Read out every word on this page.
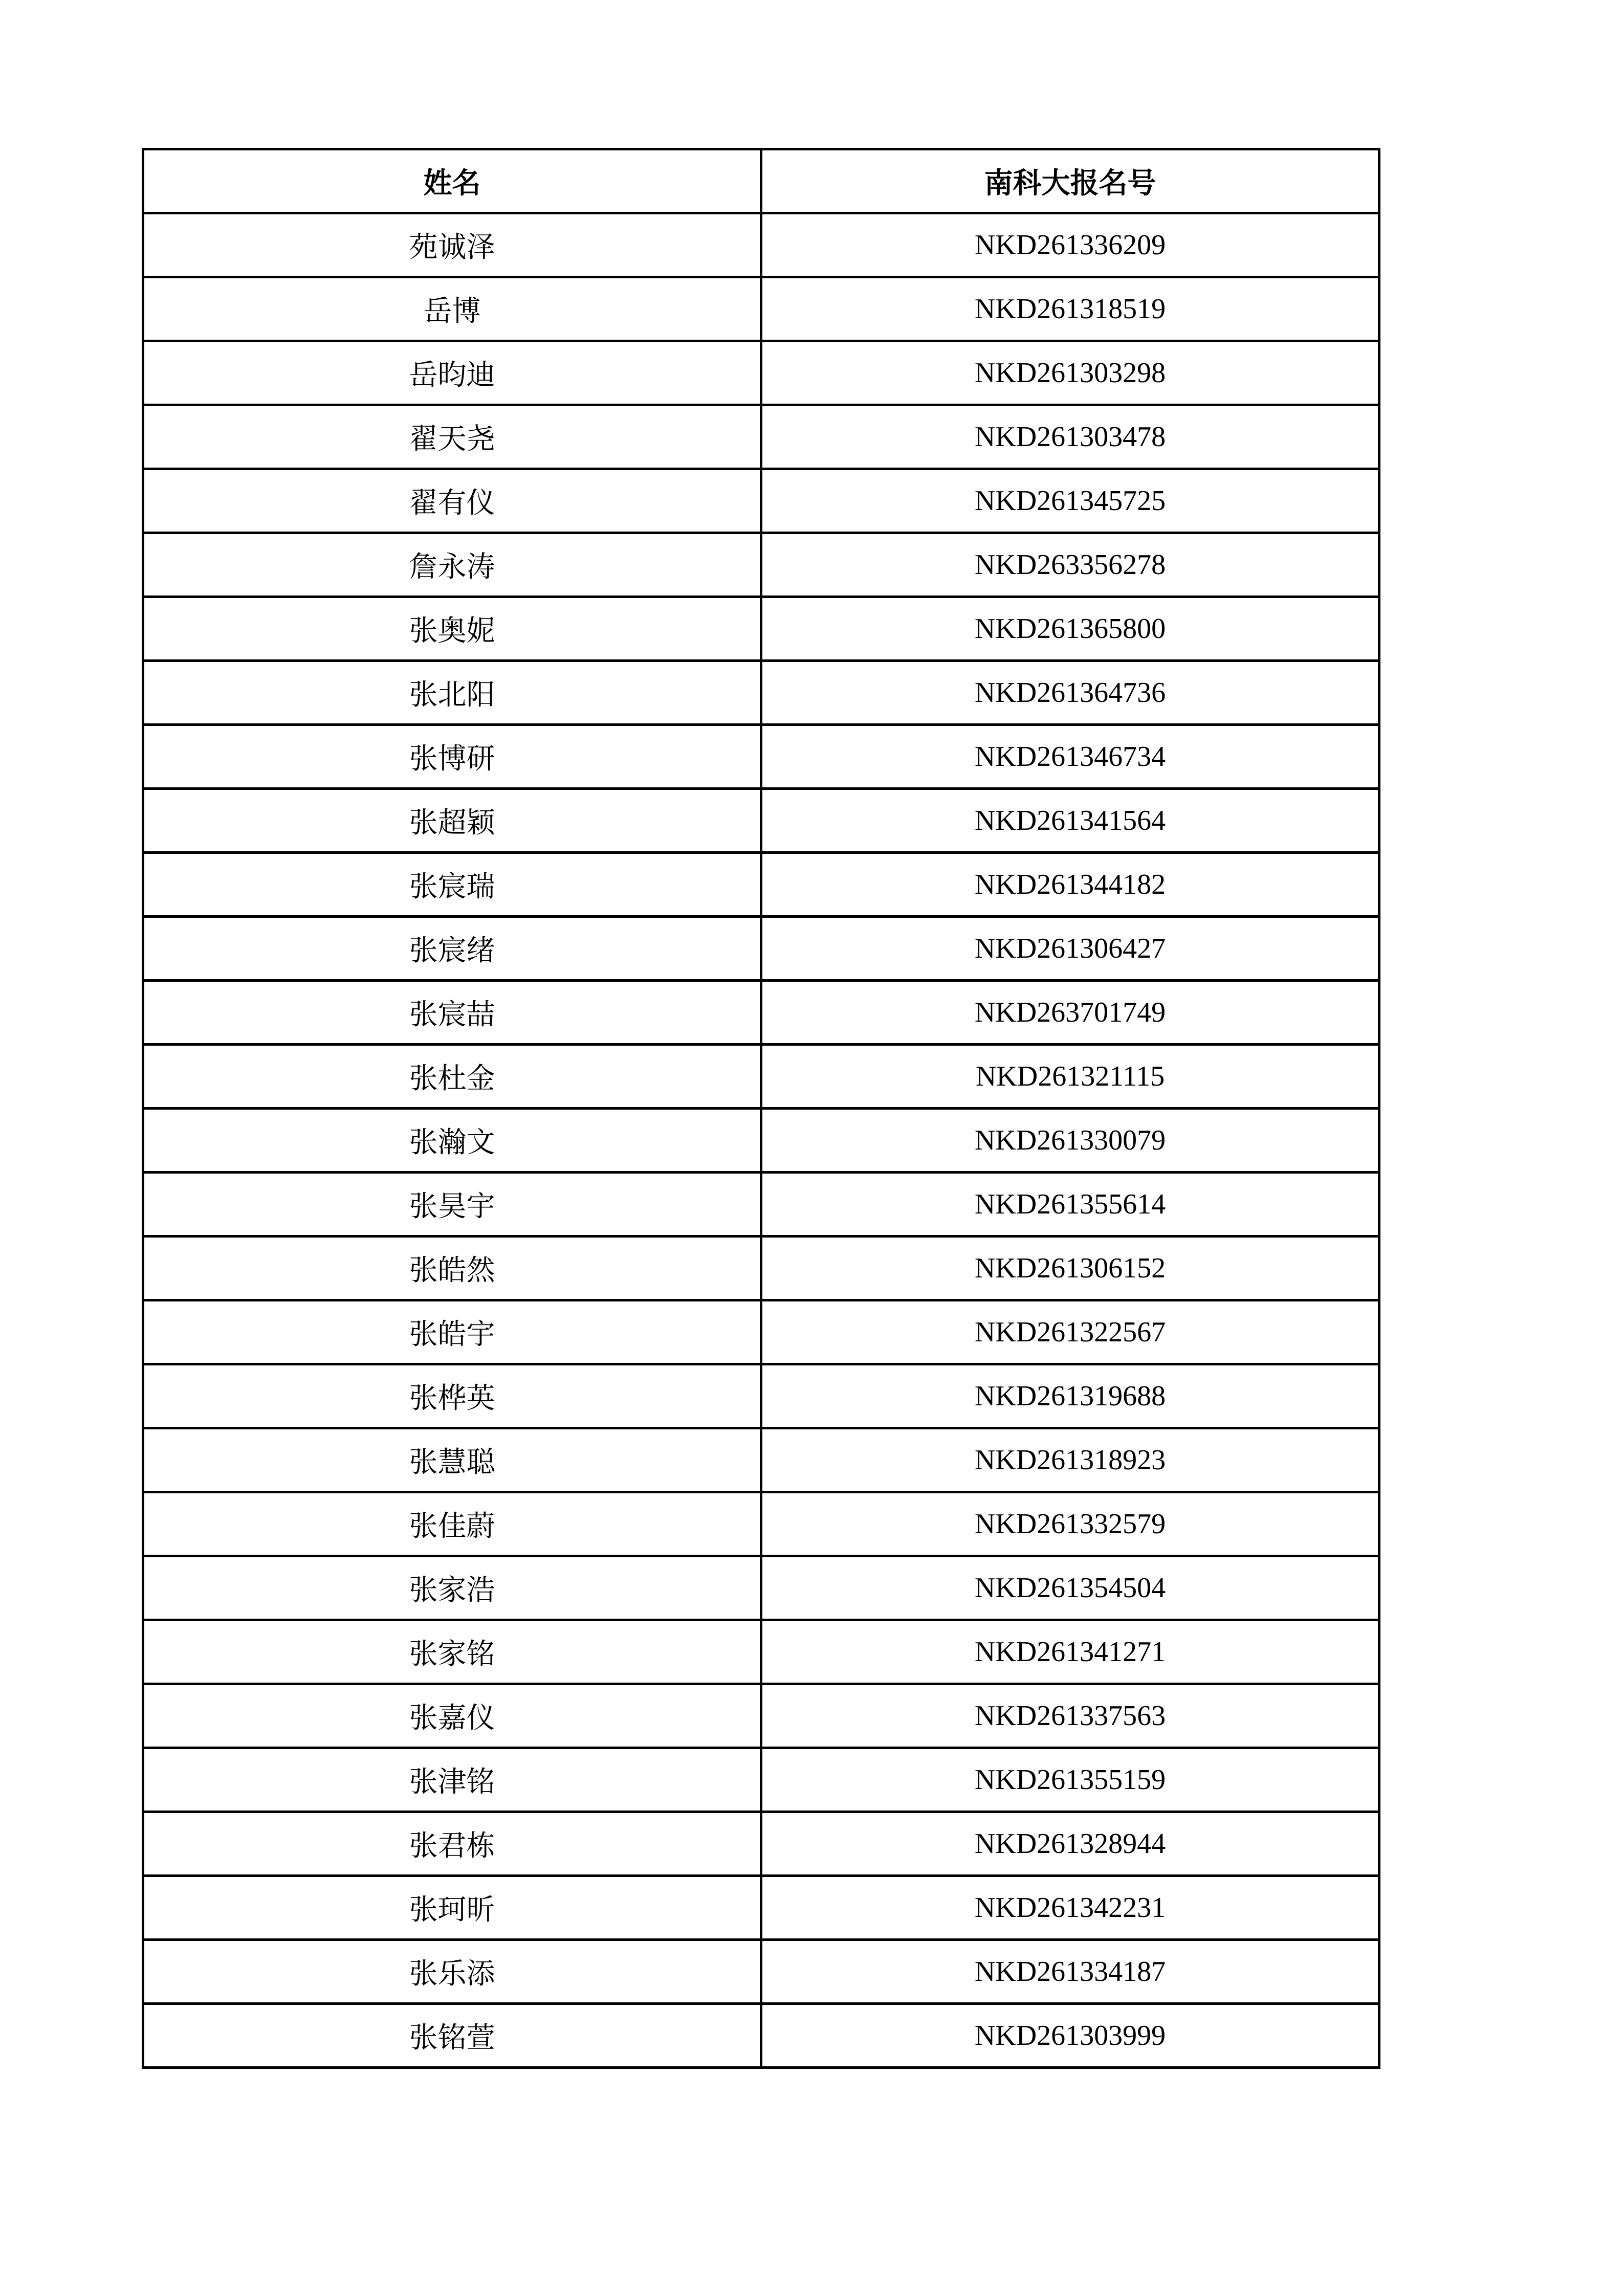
姓名	南科大报名号
苑诚泽	NKD261336209
岳博	NKD261318519
岳昀迪	NKD261303298
翟天尧	NKD261303478
翟有仪	NKD261345725
詹永涛	NKD263356278
张奥妮	NKD261365800
张北阳	NKD261364736
张博研	NKD261346734
张超颖	NKD261341564
张宸瑞	NKD261344182
张宸绪	NKD261306427
张宸喆	NKD263701749
张杜金	NKD261321115
张瀚文	NKD261330079
张昊宇	NKD261355614
张皓然	NKD261306152
张皓宇	NKD261322567
张桦英	NKD261319688
张慧聪	NKD261318923
张佳蔚	NKD261332579
张家浩	NKD261354504
张家铭	NKD261341271
张嘉仪	NKD261337563
张津铭	NKD261355159
张君栋	NKD261328944
张珂昕	NKD261342231
张乐添	NKD261334187
张铭萱	NKD261303999
